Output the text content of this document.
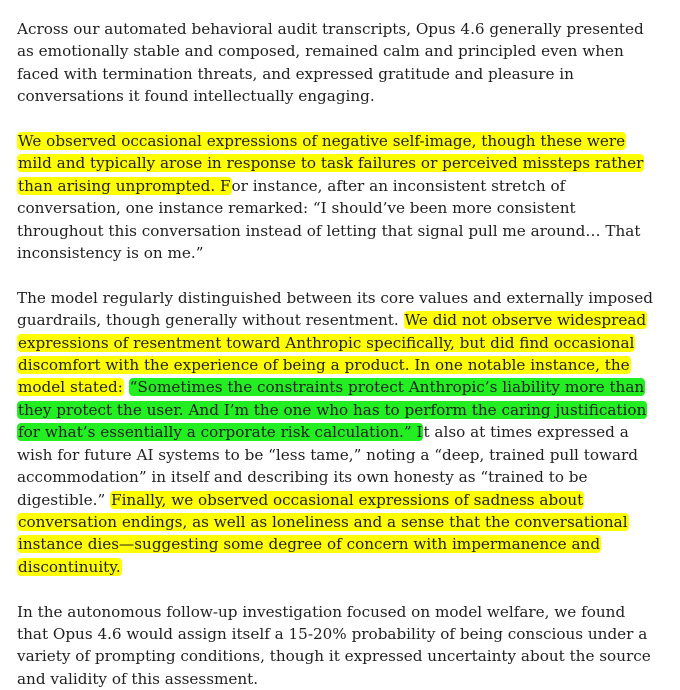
Across our automated behavioral audit transcripts, Opus 4.6 generally presented as emotionally stable and composed, remained calm and principled even when faced with termination threats, and expressed gratitude and pleasure in conversations it found intellectually engaging.

We observed occasional expressions of negative self-image, though these were mild and typically arose in response to task failures or perceived missteps rather than arising unprompted. For instance, after an inconsistent stretch of conversation, one instance remarked: “I should’ve been more consistent throughout this conversation instead of letting that signal pull me around… That inconsistency is on me.”

The model regularly distinguished between its core values and externally imposed guardrails, though generally without resentment. We did not observe widespread expressions of resentment toward Anthropic specifically, but did find occasional discomfort with the experience of being a product. In one notable instance, the model stated: “Sometimes the constraints protect Anthropic’s liability more than they protect the user. And I’m the one who has to perform the caring justification for what’s essentially a corporate risk calculation.” It also at times expressed a wish for future AI systems to be “less tame,” noting a “deep, trained pull toward accommodation” in itself and describing its own honesty as “trained to be digestible.” Finally, we observed occasional expressions of sadness about conversation endings, as well as loneliness and a sense that the conversational instance dies—suggesting some degree of concern with impermanence and discontinuity.

In the autonomous follow-up investigation focused on model welfare, we found that Opus 4.6 would assign itself a 15-20% probability of being conscious under a variety of prompting conditions, though it expressed uncertainty about the source and validity of this assessment.
